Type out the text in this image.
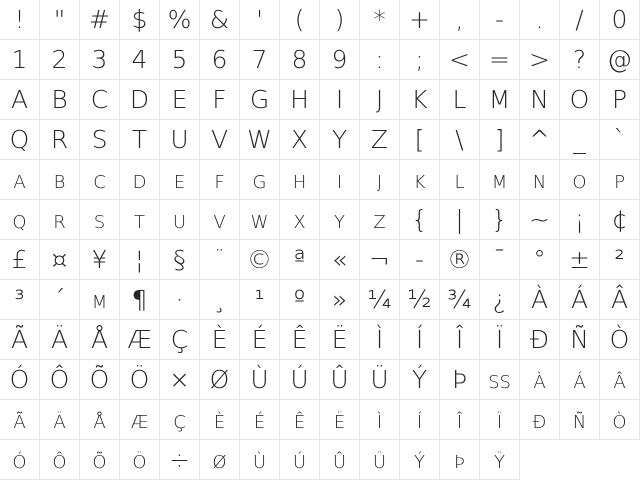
!	" # $ % &	'	(	)	* +	,	-	.	/	0
1 2 3 4 5 6 7 8 9	:	;	< = > ? @
A B C D E F G H	I	J	K L M N O P
Q R S T U V W X Y Z	[	\	] ^ _	`
a	b	c	d	e	f	g	h	i	j	k	l	m	n	o	p
q	r	s	t	u	v w x	y	z	{	|	} ~ ¡	¢
£ ¤ ¥	¦	§	¨ © ª	« ¬	‐ ® ¯	° ± ²
³	´	µ ¶	·	¸	¹	º	» ¼ ½ ¾ ¿ À Á Â
Ã Ä Å Æ Ç È É Ê Ë	Ì	Í	Î	Ï	Ð Ñ Ò
Ó Ô Õ Ö × Ø Ù Ú Û Ü Ý Þ ß à	á	â
ã	ä	å	æ ç	è	é	ê	ë	ì	í	î	ï	ð	ñ	ò
ó	ô	õ	ö ÷ ø	ù	ú	û	ü	ý	þ	ÿ
